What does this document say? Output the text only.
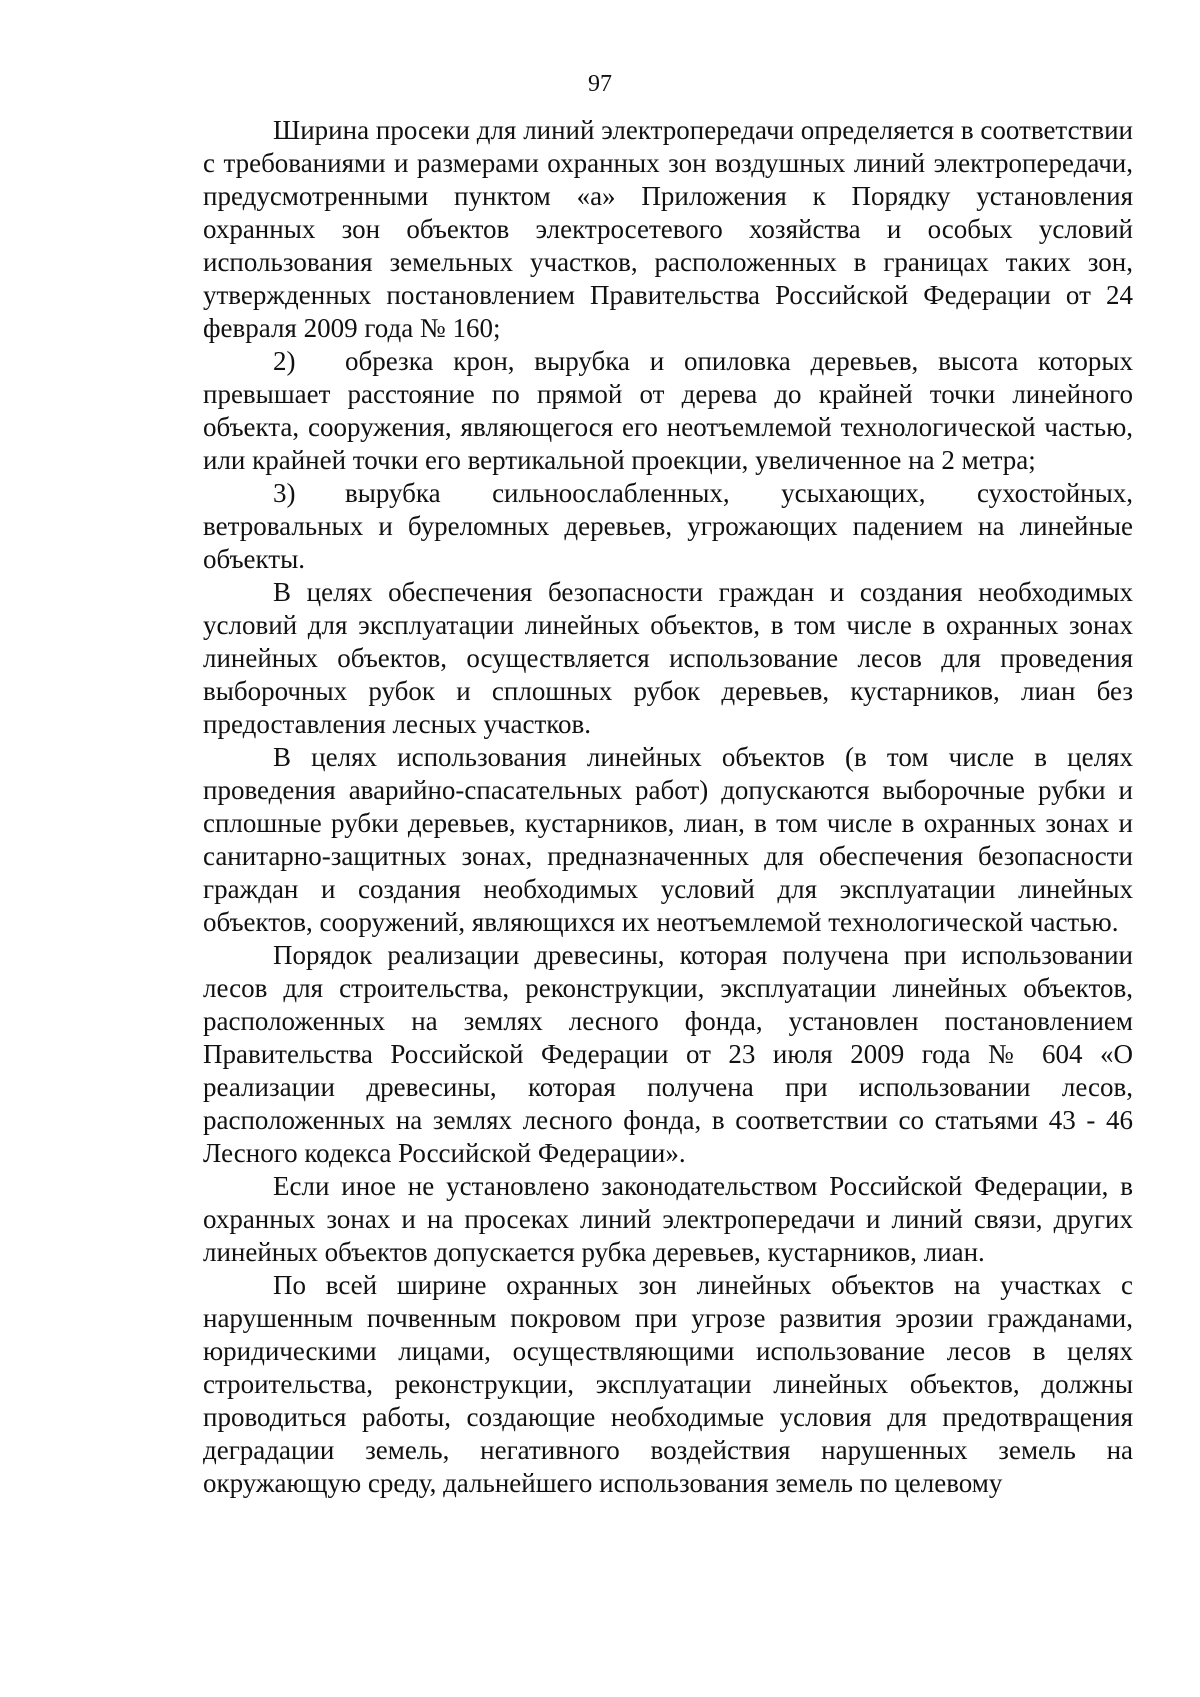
97

Ширина просеки для линий электропередачи определяется в соответствии с требованиями и размерами охранных зон воздушных линий электропередачи, предусмотренными пунктом «а» Приложения к Порядку установления охранных зон объектов электросетевого хозяйства и особых условий использования земельных участков, расположенных в границах таких зон, утвержденных постановлением Правительства Российской Федерации от 24 февраля 2009 года № 160;

2) обрезка крон, вырубка и опиловка деревьев, высота которых превышает расстояние по прямой от дерева до крайней точки линейного объекта, сооружения, являющегося его неотъемлемой технологической частью, или крайней точки его вертикальной проекции, увеличенное на 2 метра;

3) вырубка сильноослабленных, усыхающих, сухостойных, ветровальных и буреломных деревьев, угрожающих падением на линейные объекты.

В целях обеспечения безопасности граждан и создания необходимых условий для эксплуатации линейных объектов, в том числе в охранных зонах линейных объектов, осуществляется использование лесов для проведения выборочных рубок и сплошных рубок деревьев, кустарников, лиан без предоставления лесных участков.

В целях использования линейных объектов (в том числе в целях проведения аварийно-спасательных работ) допускаются выборочные рубки и сплошные рубки деревьев, кустарников, лиан, в том числе в охранных зонах и санитарно-защитных зонах, предназначенных для обеспечения безопасности граждан и создания необходимых условий для эксплуатации линейных объектов, сооружений, являющихся их неотъемлемой технологической частью.

Порядок реализации древесины, которая получена при использовании лесов для строительства, реконструкции, эксплуатации линейных объектов, расположенных на землях лесного фонда, установлен постановлением Правительства Российской Федерации от 23 июля 2009 года № 604 «О реализации древесины, которая получена при использовании лесов, расположенных на землях лесного фонда, в соответствии со статьями 43 - 46 Лесного кодекса Российской Федерации».

Если иное не установлено законодательством Российской Федерации, в охранных зонах и на просеках линий электропередачи и линий связи, других линейных объектов допускается рубка деревьев, кустарников, лиан.

По всей ширине охранных зон линейных объектов на участках с нарушенным почвенным покровом при угрозе развития эрозии гражданами, юридическими лицами, осуществляющими использование лесов в целях строительства, реконструкции, эксплуатации линейных объектов, должны проводиться работы, создающие необходимые условия для предотвращения деградации земель, негативного воздействия нарушенных земель на окружающую среду, дальнейшего использования земель по целевому
